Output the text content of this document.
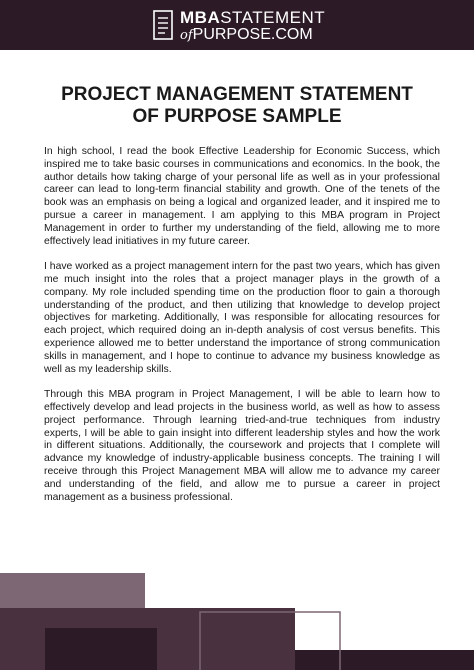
MBASTATEMENT
ofPURPOSE.COM
PROJECT MANAGEMENT STATEMENT
OF PURPOSE SAMPLE

In high school, I read the book Effective Leadership for Economic Success, which inspired me to take basic courses in communications and economics. In the book, the author details how taking charge of your personal life as well as in your professional career can lead to long-term financial stability and growth. One of the tenets of the book was an emphasis on being a logical and organized leader, and it inspired me to pursue a career in management. I am applying to this MBA program in Project Management in order to further my understanding of the field, allowing me to more effectively lead initiatives in my future career.

I have worked as a project management intern for the past two years, which has given me much insight into the roles that a project manager plays in the growth of a company. My role included spending time on the production floor to gain a thorough understanding of the product, and then utilizing that knowledge to develop project objectives for marketing. Additionally, I was responsible for allocating resources for each project, which required doing an in-depth analysis of cost versus benefits. This experience allowed me to better understand the importance of strong communication skills in management, and I hope to continue to advance my business knowledge as well as my leadership skills.

Through this MBA program in Project Management, I will be able to learn how to effectively develop and lead projects in the business world, as well as how to assess project performance. Through learning tried-and-true techniques from industry experts, I will be able to gain insight into different leadership styles and how the work in different situations. Additionally, the coursework and projects that I complete will advance my knowledge of industry-applicable business concepts. The training I will receive through this Project Management MBA will allow me to advance my career and understanding of the field, and allow me to pursue a career in project management as a business professional.
